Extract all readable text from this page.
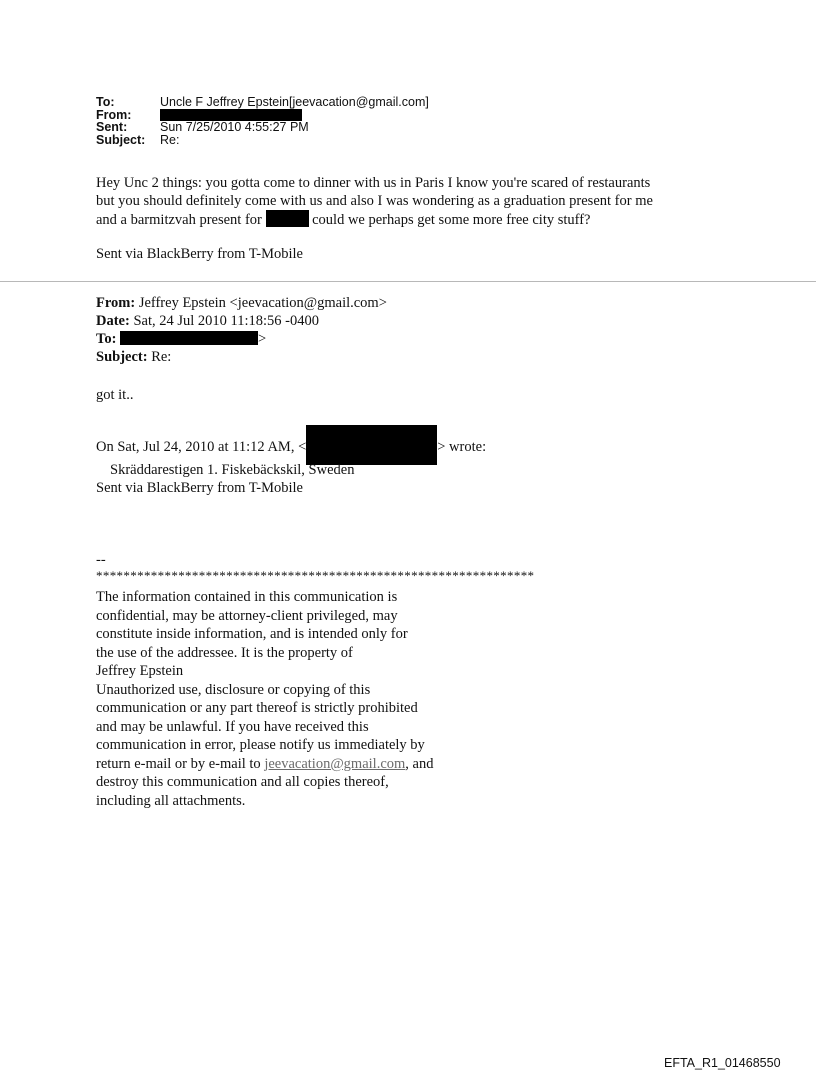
To:	Uncle F Jeffrey Epstein[jeevacation@gmail.com]
From:
Sent:	Sun 7/25/2010 4:55:27 PM
Subject:	Re:

Hey Unc 2 things: you gotta come to dinner with us in Paris I know you're scared of restaurants

but you should definitely come with us and also I was wondering as a graduation present for me

and a barmitzvah present for	could we perhaps get some more free city stuff?

Sent via BlackBerry from T-Mobile
From: Jeffrey Epstein <jeevacation@gmail.com>
Date: Sat, 24 Jul 2010 11:18:56 -0400
To:	>
Subject: Re:
got it..
On Sat, Jul 24, 2010 at 11:12 AM, <	> wrote:
Skräddarestigen 1. Fiskebäckskil, Sweden
Sent via BlackBerry from T-Mobile
--
****************************************************************
The information contained in this communication is
confidential, may be attorney-client privileged, may
constitute inside information, and is intended only for
the use of the addressee. It is the property of
Jeffrey Epstein
Unauthorized use, disclosure or copying of this
communication or any part thereof is strictly prohibited
and may be unlawful. If you have received this
communication in error, please notify us immediately by
return e-mail or by e-mail to jeevacation@gmail.com, and
destroy this communication and all copies thereof,
including all attachments.
EFTA_R1_01468550
